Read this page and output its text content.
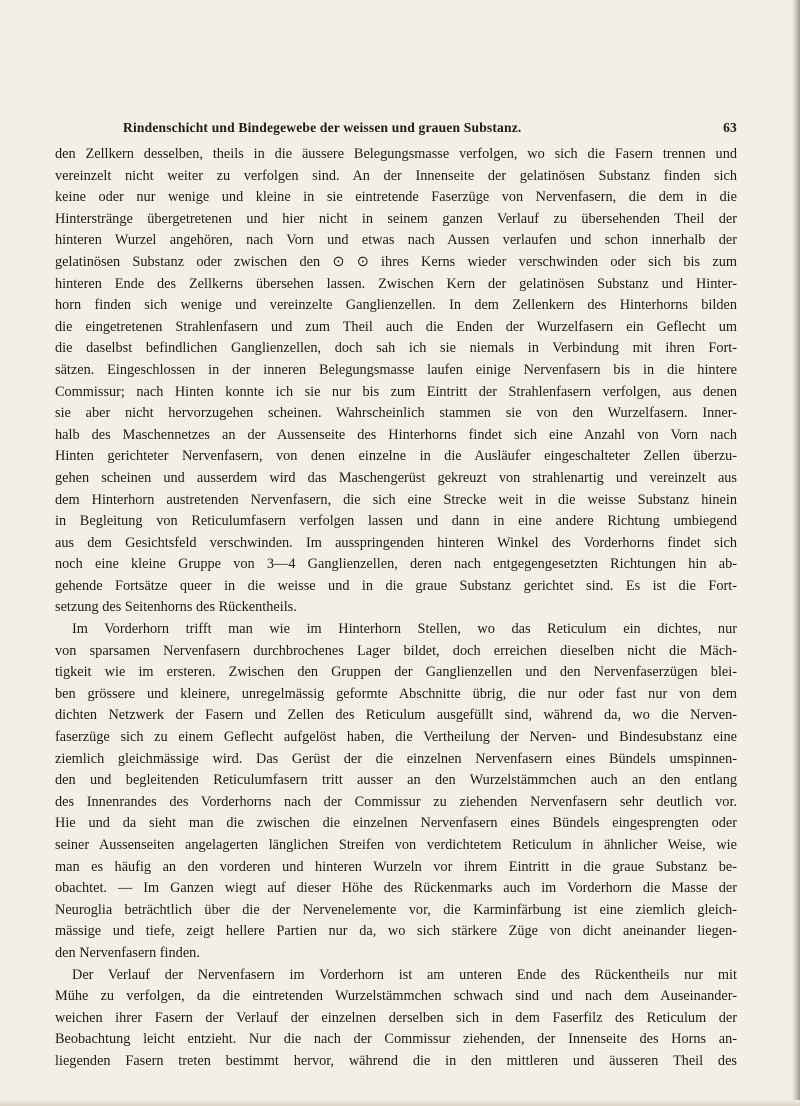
Rindenschicht und Bindegewebe der weissen und grauen Substanz.	63
den Zellkern desselben, theils in die äussere Belegungsmasse verfolgen, wo sich die Fasern trennen und
vereinzelt nicht weiter zu verfolgen sind. An der Innenseite der gelatinösen Substanz finden sich
keine oder nur wenige und kleine in sie eintretende Faserzüge von Nervenfasern, die dem in die
Hinterstränge übergetretenen und hier nicht in seinem ganzen Verlauf zu übersehenden Theil der
hinteren Wurzel angehören, nach Vorn und etwas nach Aussen verlaufen und schon innerhalb der
gelatinösen Substanz oder zwischen den ⊙ ⊙ ihres Kerns wieder verschwinden oder sich bis zum
hinteren Ende des Zellkerns übersehen lassen. Zwischen Kern der gelatinösen Substanz und Hinter-
horn finden sich wenige und vereinzelte Ganglienzellen. In dem Zellenkern des Hinterhorns bilden
die eingetretenen Strahlenfasern und zum Theil auch die Enden der Wurzelfasern ein Geflecht um
die daselbst befindlichen Ganglienzellen, doch sah ich sie niemals in Verbindung mit ihren Fort-
sätzen. Eingeschlossen in der inneren Belegungsmasse laufen einige Nervenfasern bis in die hintere
Commissur; nach Hinten konnte ich sie nur bis zum Eintritt der Strahlenfasern verfolgen, aus denen
sie aber nicht hervorzugehen scheinen. Wahrscheinlich stammen sie von den Wurzelfasern. Inner-
halb des Maschennetzes an der Aussenseite des Hinterhorns findet sich eine Anzahl von Vorn nach
Hinten gerichteter Nervenfasern, von denen einzelne in die Ausläufer eingeschalteter Zellen überzu-
gehen scheinen und ausserdem wird das Maschengerüst gekreuzt von strahlenartig und vereinzelt aus
dem Hinterhorn austretenden Nervenfasern, die sich eine Strecke weit in die weisse Substanz hinein
in Begleitung von Reticulumfasern verfolgen lassen und dann in eine andere Richtung umbiegend
aus dem Gesichtsfeld verschwinden. Im ausspringenden hinteren Winkel des Vorderhorns findet sich
noch eine kleine Gruppe von 3—4 Ganglienzellen, deren nach entgegengesetzten Richtungen hin ab-
gehende Fortsätze queer in die weisse und in die graue Substanz gerichtet sind. Es ist die Fort-
setzung des Seitenhorns des Rückentheils.
Im Vorderhorn trifft man wie im Hinterhorn Stellen, wo das Reticulum ein dichtes, nur
von sparsamen Nervenfasern durchbrochenes Lager bildet, doch erreichen dieselben nicht die Mäch-
tigkeit wie im ersteren. Zwischen den Gruppen der Ganglienzellen und den Nervenfaserzügen blei-
ben grössere und kleinere, unregelmässig geformte Abschnitte übrig, die nur oder fast nur von dem
dichten Netzwerk der Fasern und Zellen des Reticulum ausgefüllt sind, während da, wo die Nerven-
faserzüge sich zu einem Geflecht aufgelöst haben, die Vertheilung der Nerven- und Bindesubstanz eine
ziemlich gleichmässige wird. Das Gerüst der die einzelnen Nervenfasern eines Bündels umspinnen-
den und begleitenden Reticulumfasern tritt ausser an den Wurzelstämmchen auch an den entlang
des Innenrandes des Vorderhorns nach der Commissur zu ziehenden Nervenfasern sehr deutlich vor.
Hie und da sieht man die zwischen die einzelnen Nervenfasern eines Bündels eingesprengten oder
seiner Aussenseiten angelagerten länglichen Streifen von verdichtetem Reticulum in ähnlicher Weise, wie
man es häufig an den vorderen und hinteren Wurzeln vor ihrem Eintritt in die graue Substanz be-
obachtet. — Im Ganzen wiegt auf dieser Höhe des Rückenmarks auch im Vorderhorn die Masse der
Neuroglia beträchtlich über die der Nervenelemente vor, die Karminfärbung ist eine ziemlich gleich-
mässige und tiefe, zeigt hellere Partien nur da, wo sich stärkere Züge von dicht aneinander liegen-
den Nervenfasern finden.
Der Verlauf der Nervenfasern im Vorderhorn ist am unteren Ende des Rückentheils nur mit
Mühe zu verfolgen, da die eintretenden Wurzelstämmchen schwach sind und nach dem Auseinander-
weichen ihrer Fasern der Verlauf der einzelnen derselben sich in dem Faserfilz des Reticulum der
Beobachtung leicht entzieht. Nur die nach der Commissur ziehenden, der Innenseite des Horns an-
liegenden Fasern treten bestimmt hervor, während die in den mittleren und äusseren Theil des
